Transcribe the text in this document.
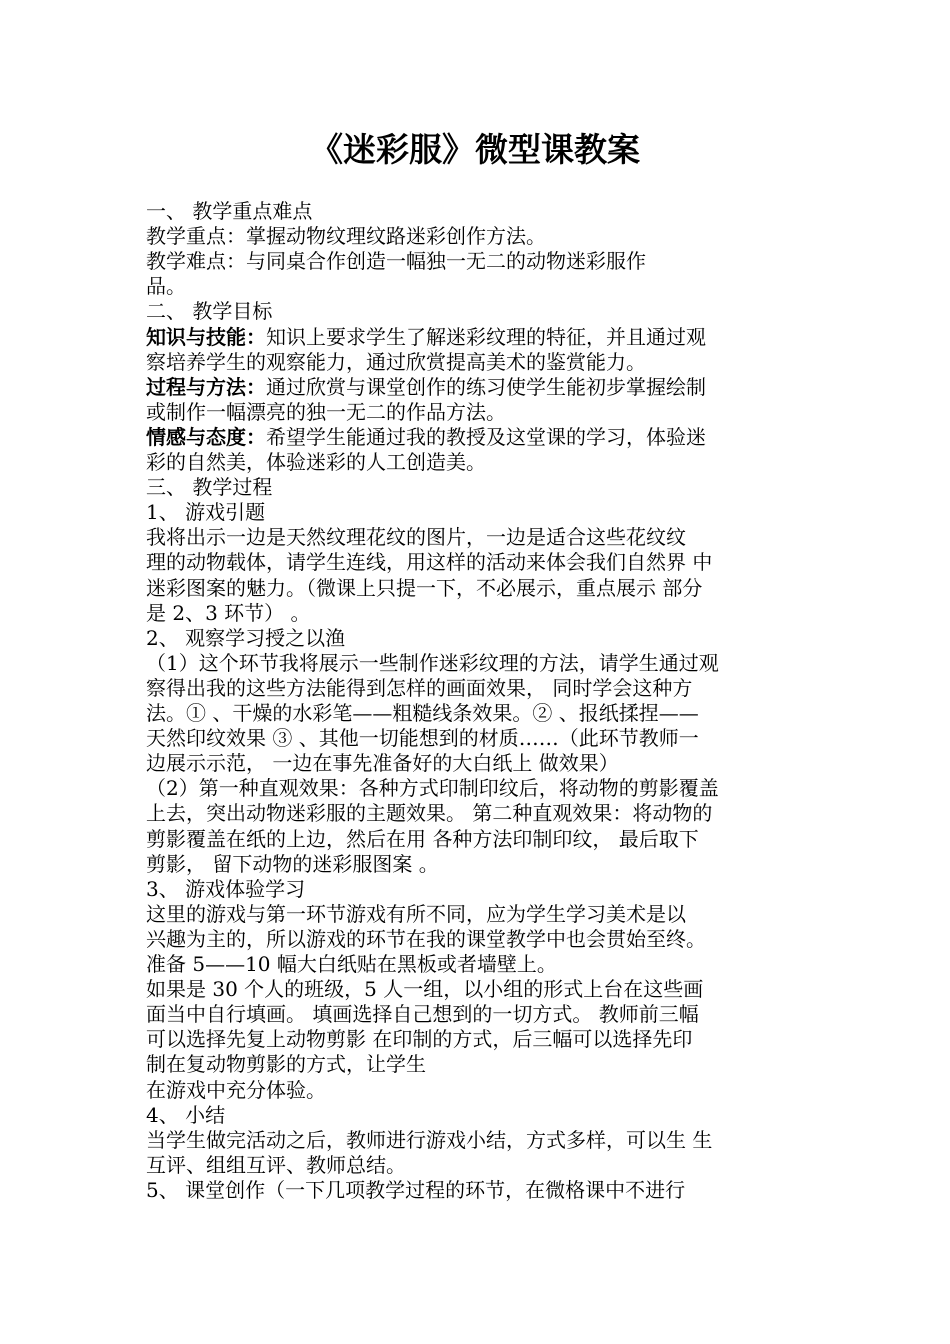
《迷彩服》微型课教案
一、 教学重点难点
教学重点：掌握动物纹理纹路迷彩创作方法。
教学难点：与同桌合作创造一幅独一无二的动物迷彩服作
品。
二、 教学目标
知识与技能：知识上要求学生了解迷彩纹理的特征，并且通过观
察培养学生的观察能力，通过欣赏提高美术的鉴赏能力。
过程与方法：通过欣赏与课堂创作的练习使学生能初步掌握绘制
或制作一幅漂亮的独一无二的作品方法。
情感与态度：希望学生能通过我的教授及这堂课的学习，体验迷
彩的自然美，体验迷彩的人工创造美。
三、 教学过程
1、 游戏引题
我将出示一边是天然纹理花纹的图片，一边是适合这些花纹纹
理的动物载体，请学生连线，用这样的活动来体会我们自然界 中
迷彩图案的魅力。（微课上只提一下，不必展示，重点展示 部分
是 2、3 环节） 。
2、 观察学习授之以渔
（1）这个环节我将展示一些制作迷彩纹理的方法，请学生通过观
察得出我的这些方法能得到怎样的画面效果， 同时学会这种方
法。① 、干燥的水彩笔——粗糙线条效果。② 、报纸揉捏——
天然印纹效果 ③ 、其他一切能想到的材质……（此环节教师一
边展示示范， 一边在事先准备好的大白纸上 做效果）
（2）第一种直观效果：各种方式印制印纹后，将动物的剪影覆盖
上去，突出动物迷彩服的主题效果。 第二种直观效果：将动物的
剪影覆盖在纸的上边，然后在用 各种方法印制印纹， 最后取下
剪影， 留下动物的迷彩服图案 。
3、 游戏体验学习
这里的游戏与第一环节游戏有所不同，应为学生学习美术是以
兴趣为主的，所以游戏的环节在我的课堂教学中也会贯始至终。
准备 5——10 幅大白纸贴在黑板或者墙壁上。
如果是 30 个人的班级，5 人一组，以小组的形式上台在这些画
面当中自行填画。 填画选择自己想到的一切方式。 教师前三幅
可以选择先复上动物剪影 在印制的方式，后三幅可以选择先印
制在复动物剪影的方式，让学生
在游戏中充分体验。
4、 小结
当学生做完活动之后，教师进行游戏小结，方式多样，可以生 生
互评、组组互评、教师总结。
5、 课堂创作（一下几项教学过程的环节，在微格课中不进行
